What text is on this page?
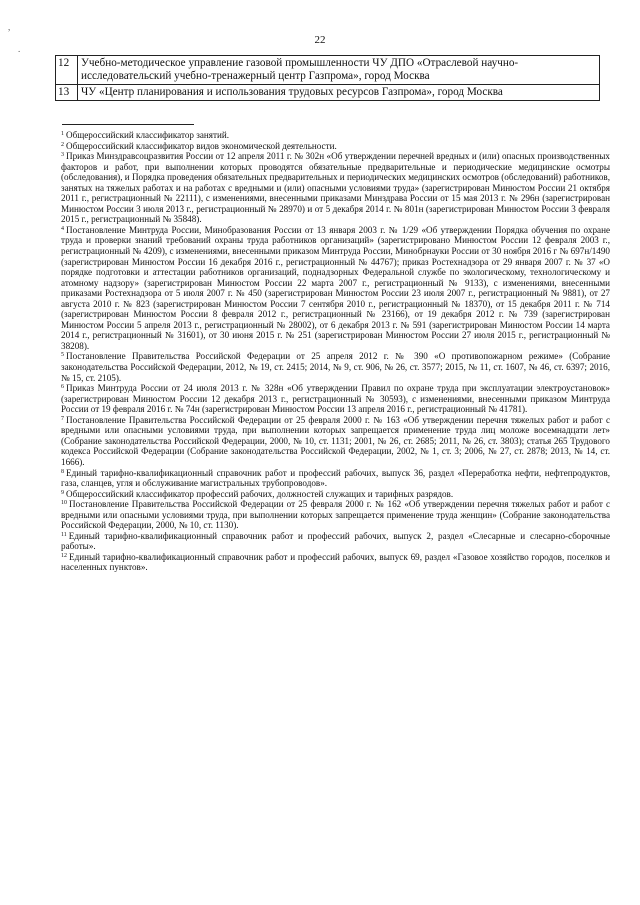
22
,
.
12	Учебно-методическое управление газовой промышленности ЧУ ДПО «Отраслевой научно-исследовательский учебно-тренажерный центр Газпрома», город Москва
13	ЧУ «Центр планирования и использования трудовых ресурсов Газпрома», город Москва

$^1$ Общероссийский классификатор занятий.

$^2$ Общероссийский классификатор видов экономической деятельности.

$^3$ Приказ Минздравсоцразвития России от 12 апреля 2011 г. № 302н «Об утверждении перечней вредных и (или) опасных производственных факторов и работ, при выполнении которых проводятся обязательные предварительные и периодические медицинские осмотры (обследования), и Порядка проведения обязательных предварительных и периодических медицинских осмотров (обследований) работников, занятых на тяжелых работах и на работах с вредными и (или) опасными условиями труда» (зарегистрирован Минюстом России 21 октября 2011 г., регистрационный № 22111), с изменениями, внесенными приказами Минздрава России от 15 мая 2013 г. № 296н (зарегистрирован Минюстом России 3 июля 2013 г., регистрационный № 28970) и от 5 декабря 2014 г. № 801н (зарегистрирован Минюстом России 3 февраля 2015 г., регистрационный № 35848).

$^4$ Постановление Минтруда России, Минобразования России от 13 января 2003 г. № 1/29 «Об утверждении Порядка обучения по охране труда и проверки знаний требований охраны труда работников организаций» (зарегистрировано Минюстом России 12 февраля 2003 г., регистрационный № 4209), с изменениями, внесенными приказом Минтруда России, Минобрнауки России от 30 ноября 2016 г № 697н/1490 (зарегистрирован Минюстом России 16 декабря 2016 г., регистрационный № 44767); приказ Ростехнадзора от 29 января 2007 г. № 37 «О порядке подготовки и аттестации работников организаций, поднадзорных Федеральной службе по экологическому, технологическому и атомному надзору» (зарегистрирован Минюстом России 22 марта 2007 г., регистрационный № 9133), с изменениями, внесенными приказами Ростехнадзора от 5 июля 2007 г. № 450 (зарегистрирован Минюстом России 23 июля 2007 г., регистрационный № 9881), от 27 августа 2010 г. № 823 (зарегистрирован Минюстом России 7 сентября 2010 г., регистрационный № 18370), от 15 декабря 2011 г. № 714 (зарегистрирован Минюстом России 8 февраля 2012 г., регистрационный № 23166), от 19 декабря 2012 г. № 739 (зарегистрирован Минюстом России 5 апреля 2013 г., регистрационный № 28002), от 6 декабря 2013 г. № 591 (зарегистрирован Минюстом России 14 марта 2014 г., регистрационный № 31601), от 30 июня 2015 г. № 251 (зарегистрирован Минюстом России 27 июля 2015 г., регистрационный № 38208).

$^5$ Постановление Правительства Российской Федерации от 25 апреля 2012 г. № 390 «О противопожарном режиме» (Собрание законодательства Российской Федерации, 2012, № 19, ст. 2415; 2014, № 9, ст. 906, № 26, ст. 3577; 2015, № 11, ст. 1607, № 46, ст. 6397; 2016, № 15, ст. 2105).

$^6$ Приказ Минтруда России от 24 июля 2013 г. № 328н «Об утверждении Правил по охране труда при эксплуатации электроустановок» (зарегистрирован Минюстом России 12 декабря 2013 г., регистрационный № 30593), с изменениями, внесенными приказом Минтруда России от 19 февраля 2016 г. № 74н (зарегистрирован Минюстом России 13 апреля 2016 г., регистрационный № 41781).

$^7$ Постановление Правительства Российской Федерации от 25 февраля 2000 г. № 163 «Об утверждении перечня тяжелых работ и работ с вредными или опасными условиями труда, при выполнении которых запрещается применение труда лиц моложе восемнадцати лет» (Собрание законодательства Российской Федерации, 2000, № 10, ст. 1131; 2001, № 26, ст. 2685; 2011, № 26, ст. 3803); статья 265 Трудового кодекса Российской Федерации (Собрание законодательства Российской Федерации, 2002, № 1, ст. 3; 2006, № 27, ст. 2878; 2013, № 14, ст. 1666).

$^8$ Единый тарифно-квалификационный справочник работ и профессий рабочих, выпуск 36, раздел «Переработка нефти, нефтепродуктов, газа, сланцев, угля и обслуживание магистральных трубопроводов».

$^9$ Общероссийский классификатор профессий рабочих, должностей служащих и тарифных разрядов.

$^{10}$ Постановление Правительства Российской Федерации от 25 февраля 2000 г. № 162 «Об утверждении перечня тяжелых работ и работ с вредными или опасными условиями труда, при выполнении которых запрещается применение труда женщин» (Собрание законодательства Российской Федерации, 2000, № 10, ст. 1130).

$^{11}$ Единый тарифно-квалификационный справочник работ и профессий рабочих, выпуск 2, раздел «Слесарные и слесарно-сборочные работы».

$^{12}$ Единый тарифно-квалификационный справочник работ и профессий рабочих, выпуск 69, раздел «Газовое хозяйство городов, поселков и населенных пунктов».
